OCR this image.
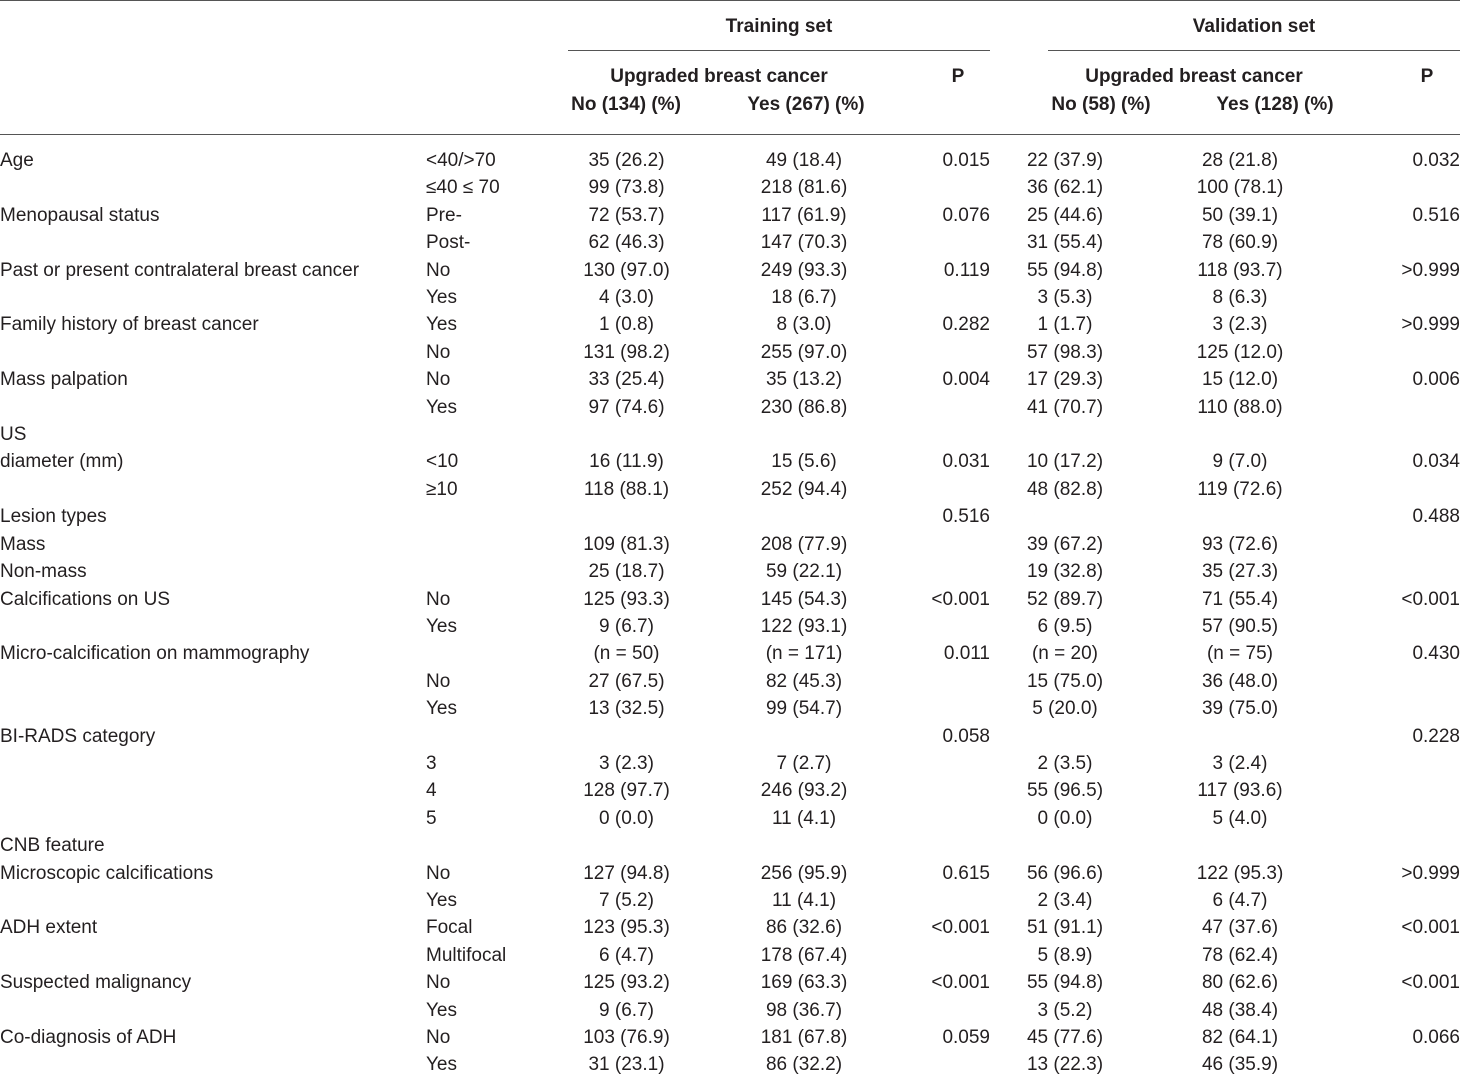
Training set	Validation set
Upgraded breast cancer	P	Upgraded breast cancer	P
No (134) (%)	Yes (267) (%)	No (58) (%)	Yes (128) (%)
Age	<40/>70	35 (26.2)	49 (18.4)	0.015	22 (37.9)	28 (21.8)	0.032
	≤40 ≤ 70	99 (73.8)	218 (81.6)		36 (62.1)	100 (78.1)	
Menopausal status	Pre-	72 (53.7)	117 (61.9)	0.076	25 (44.6)	50 (39.1)	0.516
	Post-	62 (46.3)	147 (70.3)		31 (55.4)	78 (60.9)	
Past or present contralateral breast cancer	No	130 (97.0)	249 (93.3)	0.119	55 (94.8)	118 (93.7)	>0.999
	Yes	4 (3.0)	18 (6.7)		3 (5.3)	8 (6.3)	
Family history of breast cancer	Yes	1 (0.8)	8 (3.0)	0.282	1 (1.7)	3 (2.3)	>0.999
	No	131 (98.2)	255 (97.0)		57 (98.3)	125 (12.0)	
Mass palpation	No	33 (25.4)	35 (13.2)	0.004	17 (29.3)	15 (12.0)	0.006
	Yes	97 (74.6)	230 (86.8)		41 (70.7)	110 (88.0)	
US							
diameter (mm)	<10	16 (11.9)	15 (5.6)	0.031	10 (17.2)	9 (7.0)	0.034
	≥10	118 (88.1)	252 (94.4)		48 (82.8)	119 (72.6)	
Lesion types				0.516			0.488
Mass		109 (81.3)	208 (77.9)		39 (67.2)	93 (72.6)	
Non-mass		25 (18.7)	59 (22.1)		19 (32.8)	35 (27.3)	
Calcifications on US	No	125 (93.3)	145 (54.3)	<0.001	52 (89.7)	71 (55.4)	<0.001
	Yes	9 (6.7)	122 (93.1)		6 (9.5)	57 (90.5)	
Micro-calcification on mammography		(n = 50)	(n = 171)	0.011	(n = 20)	(n = 75)	0.430
	No	27 (67.5)	82 (45.3)		15 (75.0)	36 (48.0)	
	Yes	13 (32.5)	99 (54.7)		5 (20.0)	39 (75.0)	
BI-RADS category				0.058			0.228
	3	3 (2.3)	7 (2.7)		2 (3.5)	3 (2.4)	
	4	128 (97.7)	246 (93.2)		55 (96.5)	117 (93.6)	
	5	0 (0.0)	11 (4.1)		0 (0.0)	5 (4.0)	
CNB feature							
Microscopic calcifications	No	127 (94.8)	256 (95.9)	0.615	56 (96.6)	122 (95.3)	>0.999
	Yes	7 (5.2)	11 (4.1)		2 (3.4)	6 (4.7)	
ADH extent	Focal	123 (95.3)	86 (32.6)	<0.001	51 (91.1)	47 (37.6)	<0.001
	Multifocal	6 (4.7)	178 (67.4)		5 (8.9)	78 (62.4)	
Suspected malignancy	No	125 (93.2)	169 (63.3)	<0.001	55 (94.8)	80 (62.6)	<0.001
	Yes	9 (6.7)	98 (36.7)		3 (5.2)	48 (38.4)	
Co-diagnosis of ADH	No	103 (76.9)	181 (67.8)	0.059	45 (77.6)	82 (64.1)	0.066
	Yes	31 (23.1)	86 (32.2)		13 (22.3)	46 (35.9)	
